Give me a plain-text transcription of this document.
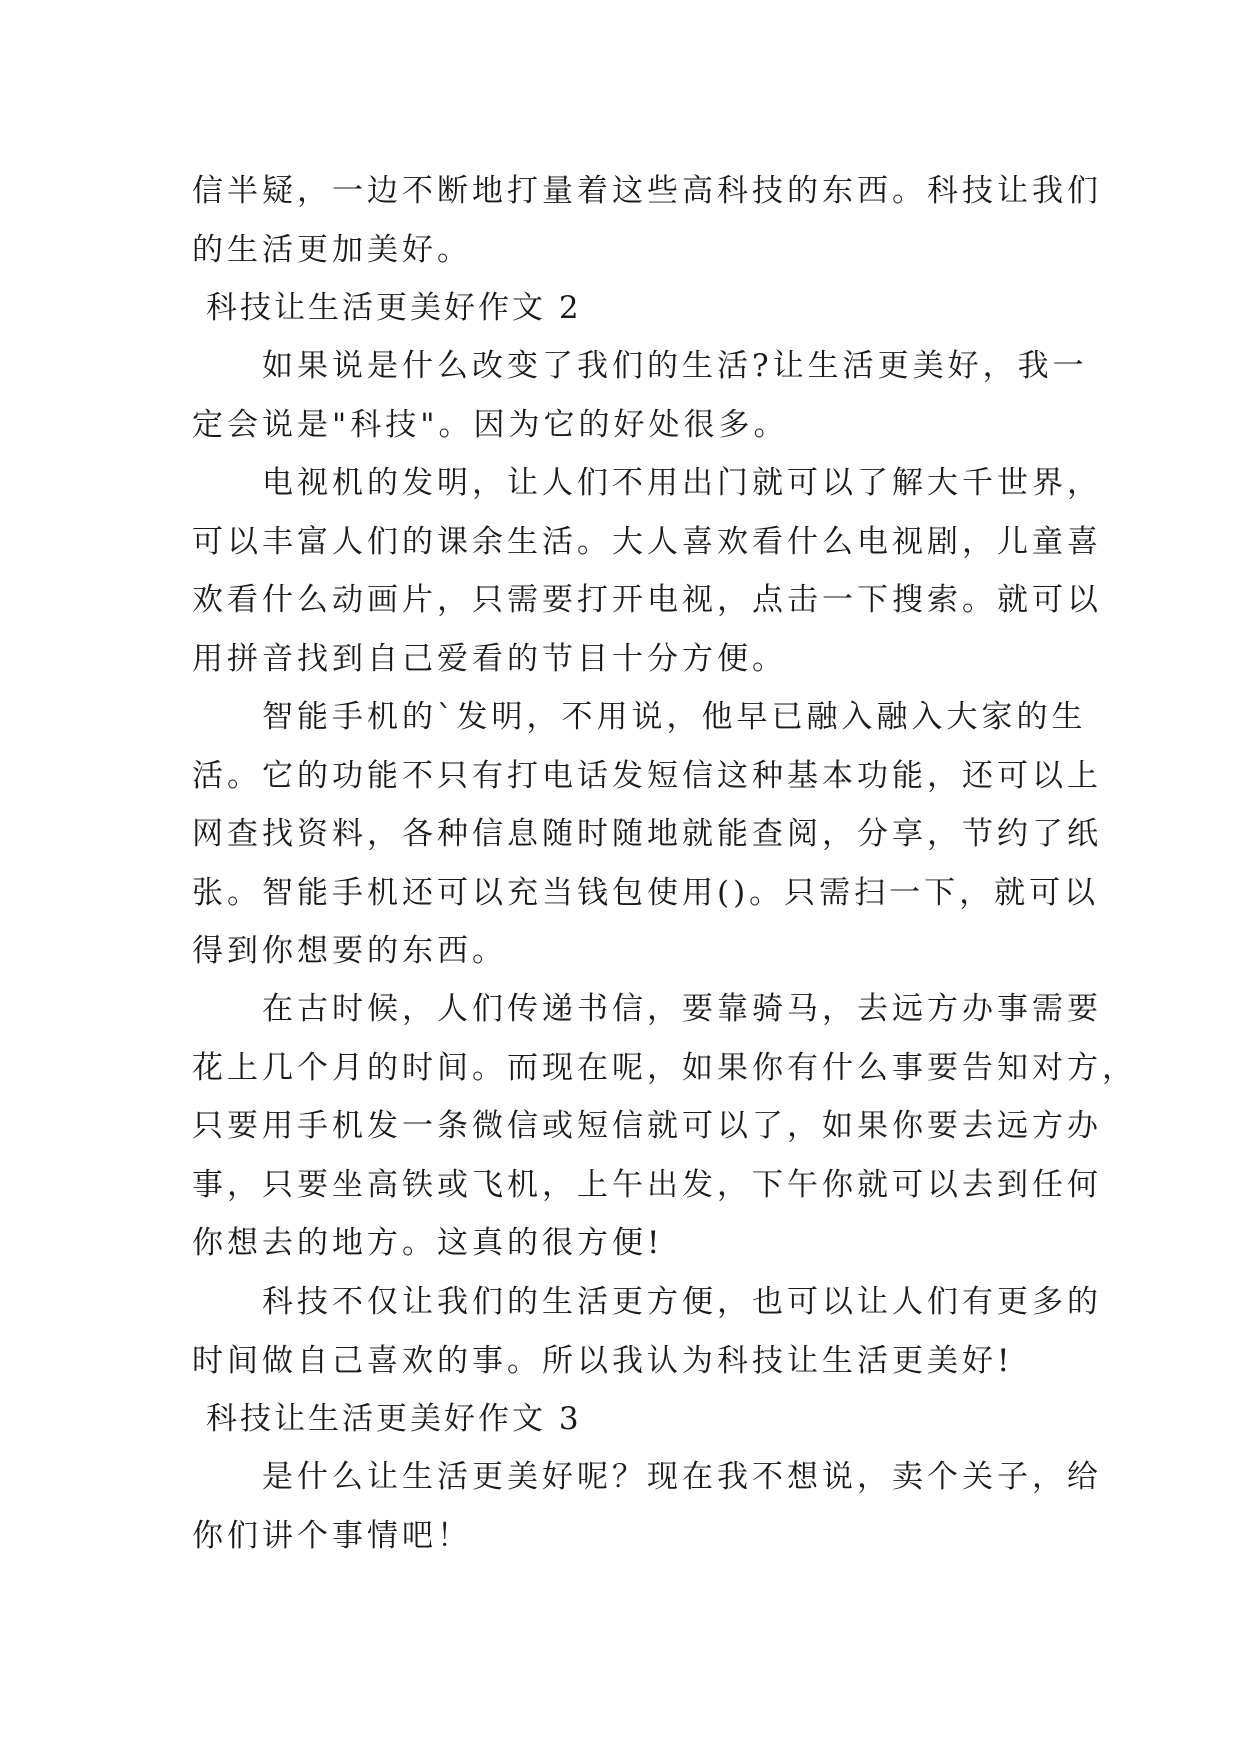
信半疑，一边不断地打量着这些高科技的东西。科技让我们
的生活更加美好。

科技让生活更美好作文 2

　　如果说是什么改变了我们的生活?让生活更美好，我一
定会说是"科技"。因为它的好处很多。

　　电视机的发明，让人们不用出门就可以了解大千世界，
可以丰富人们的课余生活。大人喜欢看什么电视剧，儿童喜
欢看什么动画片，只需要打开电视，点击一下搜索。就可以
用拼音找到自己爱看的节目十分方便。

　　智能手机的`发明，不用说，他早已融入融入大家的生
活。它的功能不只有打电话发短信这种基本功能，还可以上
网查找资料，各种信息随时随地就能查阅，分享，节约了纸
张。智能手机还可以充当钱包使用()。只需扫一下，就可以
得到你想要的东西。

　　在古时候，人们传递书信，要靠骑马，去远方办事需要
花上几个月的时间。而现在呢，如果你有什么事要告知对方，
只要用手机发一条微信或短信就可以了，如果你要去远方办
事，只要坐高铁或飞机，上午出发，下午你就可以去到任何
你想去的地方。这真的很方便!

　　科技不仅让我们的生活更方便，也可以让人们有更多的
时间做自己喜欢的事。所以我认为科技让生活更美好!

科技让生活更美好作文 3

　　是什么让生活更美好呢？现在我不想说，卖个关子，给
你们讲个事情吧！
